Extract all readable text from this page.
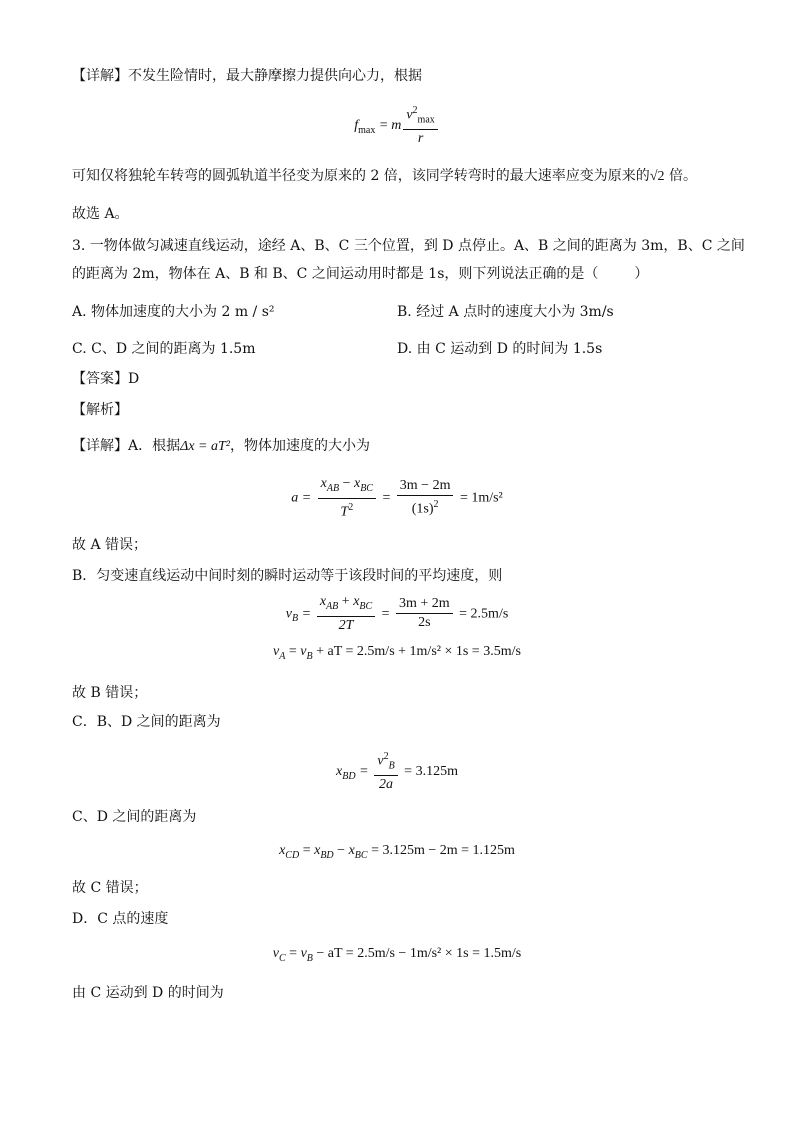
【详解】不发生险情时，最大静摩擦力提供向心力，根据
$f_{max} = m \frac{v^2_{max}}{r}$
可知仅将独轮车转弯的圆弧轨道半径变为原来的 2 倍，该同学转弯时的最大速率应变为原来的√2 倍。
故选 A。
3. 一物体做匀减速直线运动，途经 A、B、C 三个位置，到 D 点停止。A、B 之间的距离为 3m，B、C 之间
的距离为 2m，物体在 A、B 和 B、C 之间运动用时都是 1s，则下列说法正确的是（	）
A. 物体加速度的大小为 2 m / s²	B. 经过 A 点时的速度大小为 3m/s
C. C、D 之间的距离为 1.5m	D. 由 C 运动到 D 的时间为 1.5s
【答案】D
【解析】
【详解】A．根据Δx = aT²，物体加速度的大小为
$a = \frac{x_{AB} - x_{BC}}{T^2} = \frac{3m - 2m}{(1s)^2} = 1m/s^2$
故 A 错误；
B．匀变速直线运动中间时刻的瞬时运动等于该段时间的平均速度，则
$v_B = \frac{x_{AB} + x_{BC}}{2T} = \frac{3m + 2m}{2s} = 2.5m/s$
$v_A = v_B$ + aT = 2.5m/s + 1m/s² × 1s = 3.5m/s
故 B 错误；
C．B、D 之间的距离为
$x_{BD} = \frac{v^2_B}{2a} = 3.125m$
C、D 之间的距离为
$x_{CD} = x_{BD} - x_{BC} = 3.125m - 2m = 1.125m$
故 C 错误；
D．C 点的速度
$v_C = v_B$ − aT = 2.5m/s − 1m/s² × 1s = 1.5m/s
由 C 运动到 D 的时间为
